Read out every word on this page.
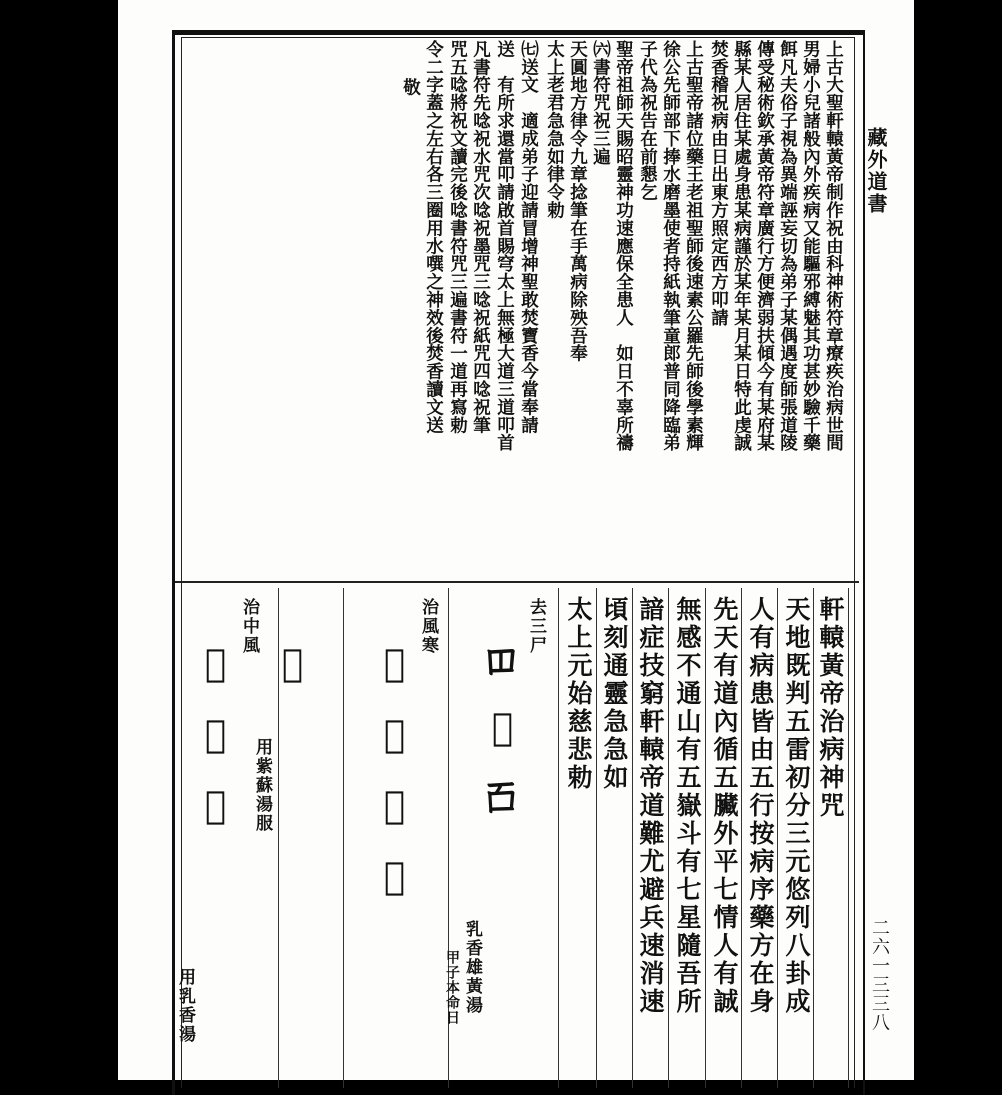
藏外道書
二六一三三八
上古大聖軒轅黃帝制作祝由科神術符章療疾治病世間
男婦小兒諸般內外疾病又能驅邪縛魅其功甚妙驗千藥
餌凡夫俗子視為異端誣妄切為弟子某偶遇度師張道陵
傳受秘術欽承黃帝符章廣行方便濟弱扶傾今有某府某
縣某人居住某處身患某病謹於某年某月某日特此虔誠
焚香稽祝病由日出東方照定西方叩請
上古聖帝諸位藥王老祖聖師後速素公羅先師後學素輝
徐公先師部下捧水磨墨使者持紙執筆童郎普同降臨弟
子代為祝告在前懇乞
聖帝祖師天賜昭靈神功速應保全患人　如日不辜所禱
㈥書符咒祝三遍
天圓地方律令九章捻筆在手萬病除殃吾奉
太上老君急急如律令勅
㈦送文　適成弟子迎請冒增神聖敢焚寶香今當奉請
送　有所求還當叩請啟首賜穹太上無極大道三道叩首
凡書符先唸祝水咒次唸祝墨咒三唸祝紙咒四唸祝筆
咒五唸將祝文讀完後唸書符咒三遍書符一道再寫勅
令二字蓋之左右各三圈用水噀之神效後焚香讀文送
敬
軒轅黃帝治病神咒
天地既判五雷初分三元悠列八卦成
人有病患皆由五行按病序藥方在身
先天有道內循五臟外平七情人有誠
無感不通山有五嶽斗有七星隨吾所
諳症技窮軒轅帝道難尤避兵速消速
頃刻通靈急急如
太上元始慈悲勅
去三尸
𫩏𫩐𫩑
乳香雄黃湯
甲子本命日
治風寒
𫩒𫩓𫩔𫩕
𫩖
用紫蘇湯服
治中風
𫩗𫩘𫩙
用乳香湯
